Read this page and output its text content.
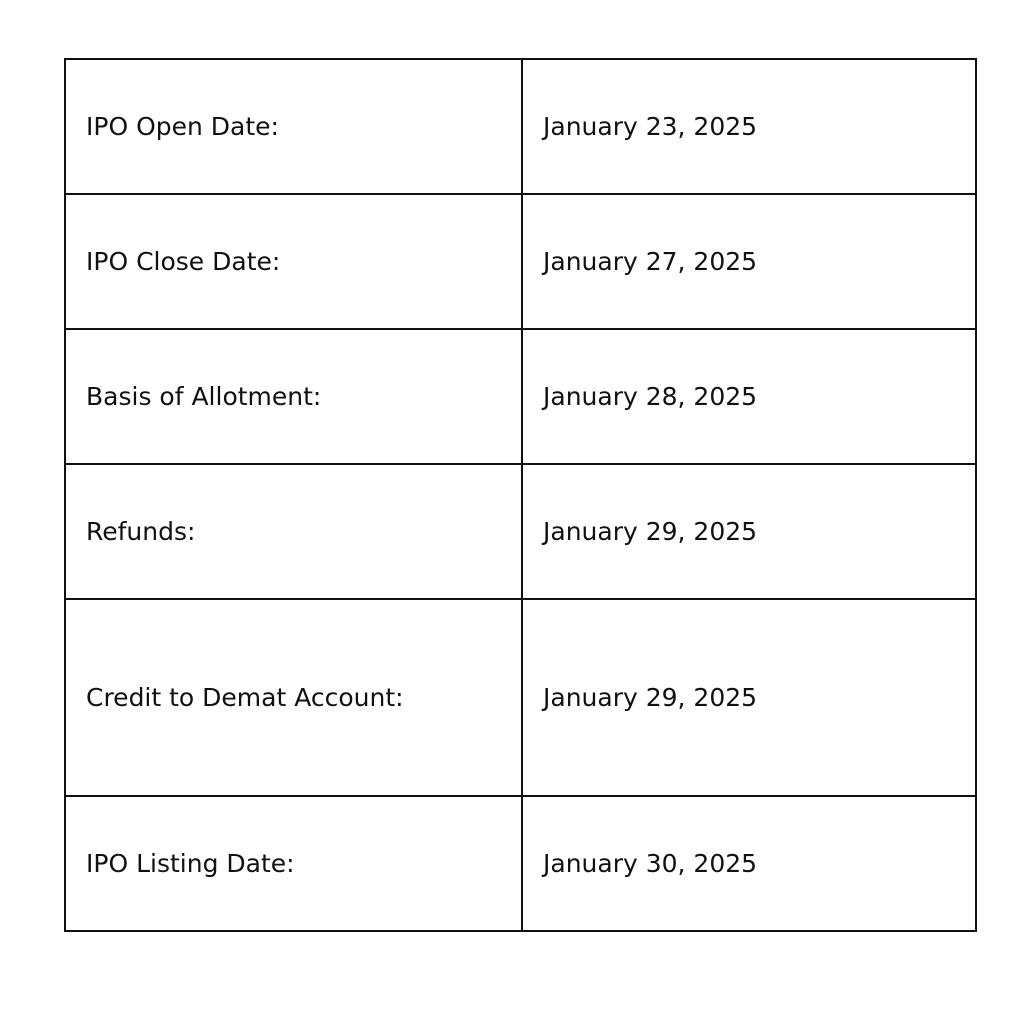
IPO Open Date:	January 23, 2025
IPO Close Date:	January 27, 2025
Basis of Allotment:	January 28, 2025
Refunds:	January 29, 2025
Credit to Demat Account:	January 29, 2025
IPO Listing Date:	January 30, 2025
